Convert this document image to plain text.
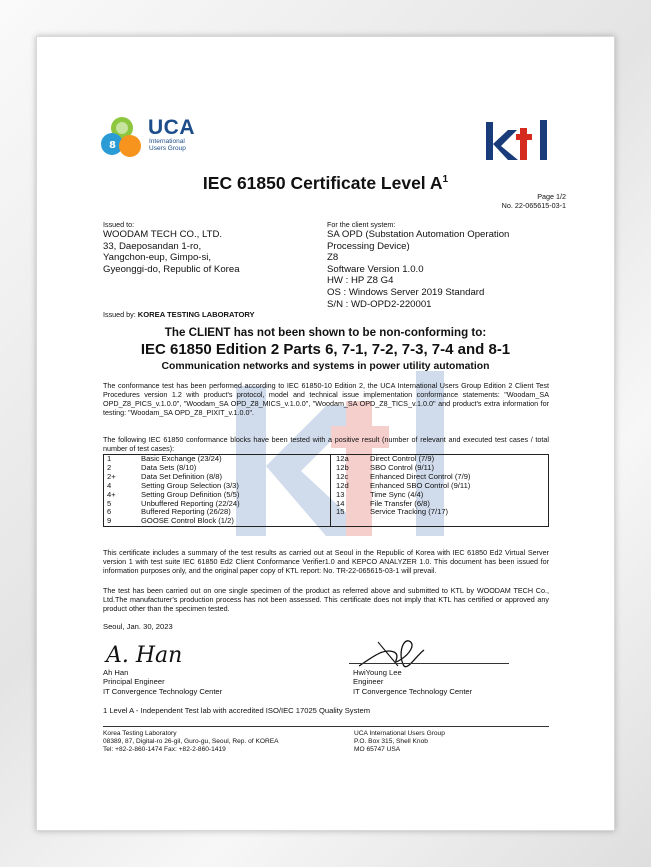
8
UCA
International
Users Group
IEC 61850 Certificate Level $A^1$
Page 1/2
No. 22-065615-03-1
Issued to:
WOODAM TECH CO., LTD.
33, Daeposandan 1-ro,
Yangchon-eup, Gimpo-si,
Gyeonggi-do, Republic of Korea
For the client system:
SA OPD (Substation Automation Operation
Processing Device)
Z8
Software Version 1.0.0
HW : HP Z8 G4
OS : Windows Server 2019 Standard
S/N : WD-OPD2-220001
Issued by: KOREA TESTING LABORATORY
The CLIENT has not been shown to be non-conforming to:
IEC 61850 Edition 2 Parts 6, 7-1, 7-2, 7-3, 7-4 and 8-1
Communication networks and systems in power utility automation
The conformance test has been performed according to IEC 61850-10 Edition 2, the UCA International Users Group Edition 2 Client Test Procedures version 1.2 with product's protocol, model and technical issue implementation conformance statements: "Woodam_SA OPD_Z8_PICS_v.1.0.0", "Woodam_SA OPD_Z8_MICS_v.1.0.0", "Woodam_SA OPD_Z8_TICS_v.1.0.0" and product's extra information for testing: "Woodam_SA OPD_Z8_PIXIT_v.1.0.0".
The following IEC 61850 conformance blocks have been tested with a positive result (number of relevant and executed test cases / total number of test cases):
1	Basic Exchange (23/24)	12a	Direct Control (7/9)
2	Data Sets (8/10)	12b	SBO Control (9/11)
2+	Data Set Definition (8/8)	12c	Enhanced Direct Control (7/9)
4	Setting Group Selection (3/3)	12d	Enhanced SBO Control (9/11)
4+	Setting Group Definition (5/5)	13	Time Sync (4/4)
5	Unbuffered Reporting (22/24)	14	File Transfer (6/8)
6	Buffered Reporting (26/28)	15	Service Tracking (7/17)
9	GOOSE Control Block (1/2)		
This certificate includes a summary of the test results as carried out at Seoul in the Republic of Korea with IEC 61850 Ed2 Virtual Server version 1 with test suite IEC 61850 Ed2 Client Conformance Verifier1.0 and KEPCO ANALYZER 1.0. This document has been issued for information purposes only, and the original paper copy of KTL report: No. TR-22-065615-03-1 will prevail.
The test has been carried out on one single specimen of the product as referred above and submitted to KTL by WOODAM TECH Co., Ltd.The manufacturer's production process has not been assessed. This certificate does not imply that KTL has certified or approved any product other than the specimen tested.
Seoul, Jan. 30, 2023
A. Han
Ah Han
Principal Engineer
IT Convergence Technology Center
HwiYoung Lee
Engineer
IT Convergence Technology Center
1 Level A - Independent Test lab with accredited ISO/IEC 17025 Quality System
Korea Testing Laboratory
08389, 87, Digital-ro 26-gil, Guro-gu, Seoul, Rep. of KOREA
Tel: +82-2-860-1474 Fax: +82-2-860-1419
UCA International Users Group
P.O. Box 315, Shell Knob
MO 65747 USA
